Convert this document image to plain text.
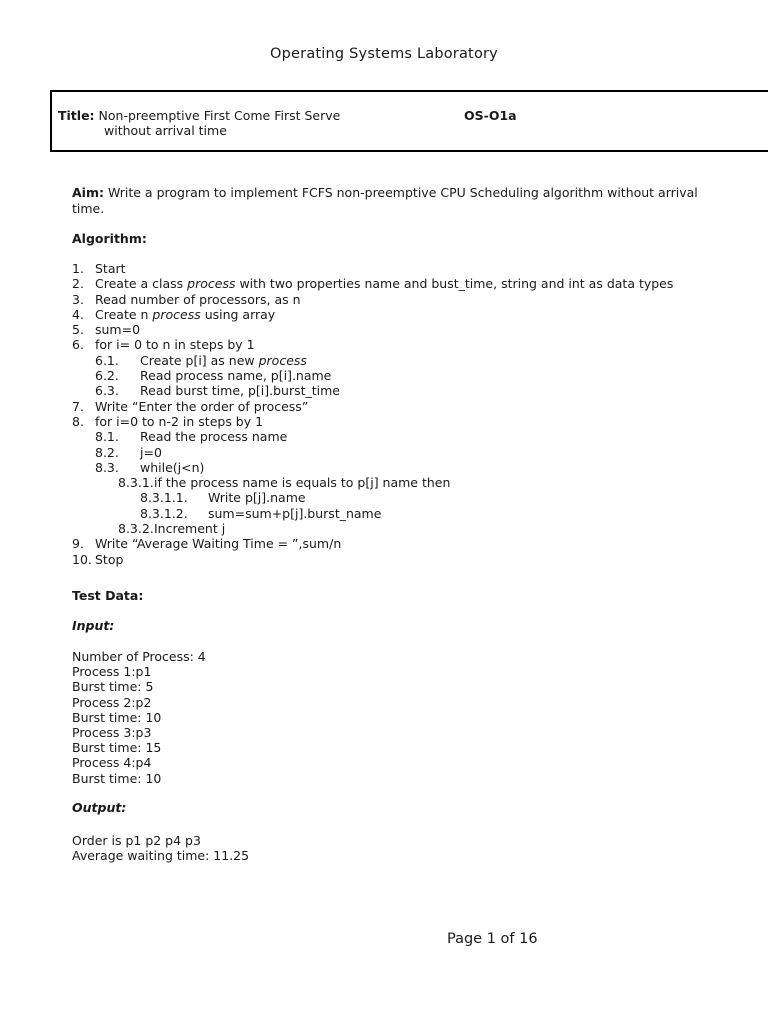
Operating Systems Laboratory
Title: Non-preemptive First Come First Serve
without arrival time
OS-O1a
Aim: Write a program to implement FCFS non-preemptive CPU Scheduling algorithm without arrival time.
Algorithm:
1. Start
2. Create a class process with two properties name and bust_time, string and int as data types
3. Read number of processors, as n
4. Create n process using array
5. sum=0
6. for i= 0 to n in steps by 1
6.1. Create p[i] as new process
6.2. Read process name, p[i].name
6.3. Read burst time, p[i].burst_time
7. Write “Enter the order of process”
8. for i=0 to n-2 in steps by 1
8.1. Read the process name
8.2. j=0
8.3. while(j<n)
8.3.1. if the process name is equals to p[j] name then
8.3.1.1. Write p[j].name
8.3.1.2. sum=sum+p[j].burst_name
8.3.2. Increment j
9. Write “Average Waiting Time = ”,sum/n
10. Stop
Test Data:
Input:
Number of Process: 4
Process 1:p1
Burst time: 5
Process 2:p2
Burst time: 10
Process 3:p3
Burst time: 15
Process 4:p4
Burst time: 10
Output:
Order is p1 p2 p4 p3
Average waiting time: 11.25
Page 1 of 16
